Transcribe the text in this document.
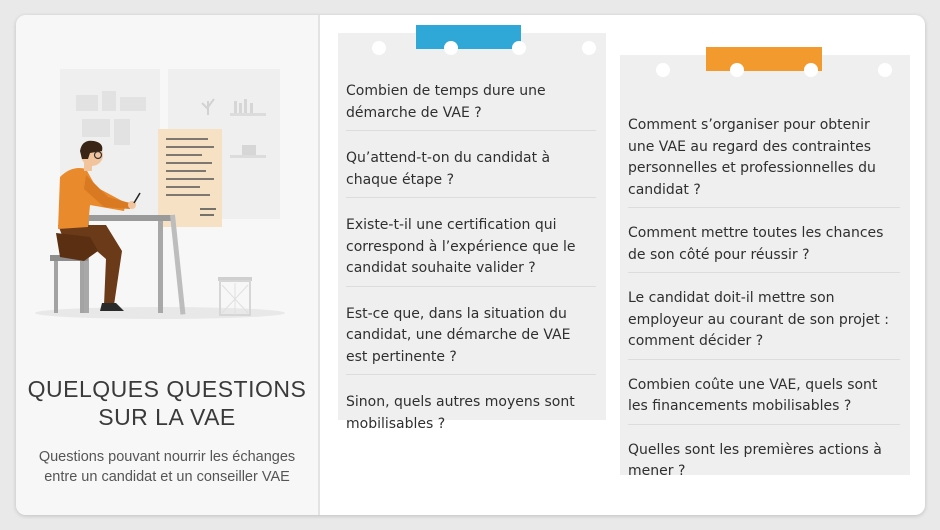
QUELQUES QUESTIONS
SUR LA VAE

Questions pouvant nourrir les échanges
entre un candidat et un conseiller VAE

Combien de temps dure une démarche de VAE ?
Qu’attend-t-on du candidat à chaque étape ?
Existe-t-il une certification qui correspond à l’expérience que le candidat souhaite valider ?
Est-ce que, dans la situation du candidat, une démarche de VAE est pertinente ?
Sinon, quels autres moyens sont mobilisables ?
Comment s’organiser pour obtenir une VAE au regard des contraintes personnelles et professionnelles du candidat ?
Comment mettre toutes les chances de son côté pour réussir ?
Le candidat doit-il mettre son employeur au courant de son projet : comment décider ?
Combien coûte une VAE, quels sont les financements mobilisables ?
Quelles sont les premières actions à mener ?
